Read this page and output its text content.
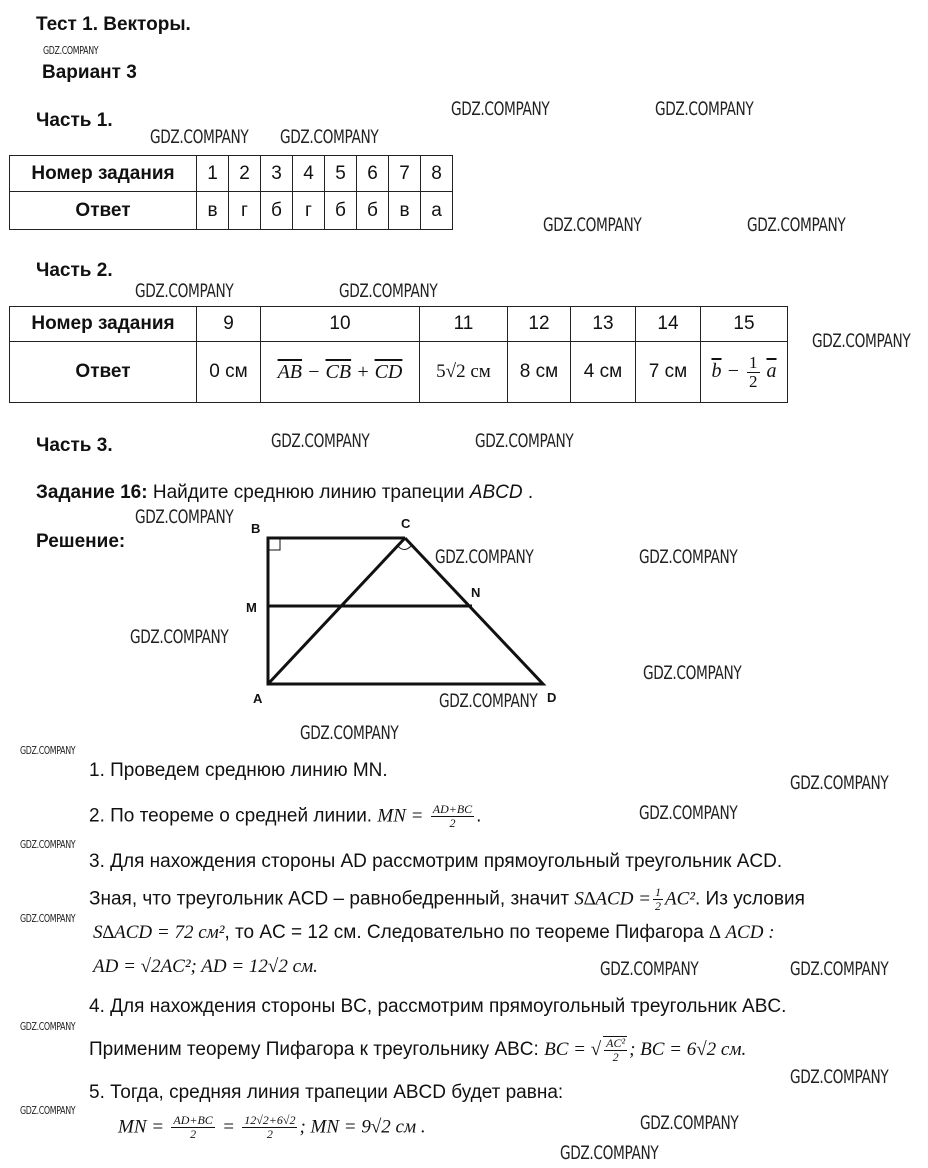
Тест 1. Векторы.
Вариант 3
Часть 1.
Номер задания	1	2	3	4	5	6	7	8
Ответ	в	г	б	г	б	б	в	а
Часть 2.
Номер задания	9	10	11	12	13	14	15
Ответ	0 см	$\overline{AB} - \overline{CB} + \overline{CD}$	5√2 см	8 см	4 см	7 см	$\overline{b} - \frac{1}{2} \overline{a}$
Часть 3.
Задание 16: Найдите среднюю линию трапеции ABCD .
Решение:
B	C
M
N
A	D
1. Проведем среднюю линию MN.
2. По теореме о средней линии. MN = $\frac{AD+BC}{2}$ .
3. Для нахождения стороны AD рассмотрим прямоугольный треугольник ACD.
Зная, что треугольник ACD – равнобедренный, значит $S\Delta ACD = \frac{1}{2} AC^2$. Из условия
S∆ACD = 72 см², то AC = 12 см. Следовательно по теореме Пифагора ∆ ACD :
AD = √2AC²; AD = 12√2 см.
4. Для нахождения стороны BC, рассмотрим прямоугольный треугольник ABC.
Применим теорему Пифагора к треугольнику ABC: BC = √ $\frac{\text{AC²}}{2}$ ; BC = 6√2 см.
5. Тогда, средняя линия трапеции ABCD будет равна:
MN = $\frac{AD+BC}{2} = \frac{12√2+6√2}{2}$ ; MN = 9√2 см .
GDZ.COMPANY
GDZ.COMPANY GDZ.COMPANY
GDZ.COMPANY	GDZ.COMPANY
GDZ.COMPANY	GDZ.COMPANY
GDZ.COMPANY	GDZ.COMPANY
GDZ.COMPANY
GDZ.COMPANY	GDZ.COMPANY
GDZ.COMPANY
GDZ.COMPANY	GDZ.COMPANY
GDZ.COMPANY
GDZ.COMPANY
GDZ.COMPANY
GDZ.COMPANY
GDZ.COMPANY
GDZ.COMPANY
GDZ.COMPANY
GDZ.COMPANY
GDZ.COMPANY
GDZ.COMPANY	GDZ.COMPANY
GDZ.COMPANY
GDZ.COMPANY
GDZ.COMPANY
GDZ.COMPANY
GDZ.COMPANY
